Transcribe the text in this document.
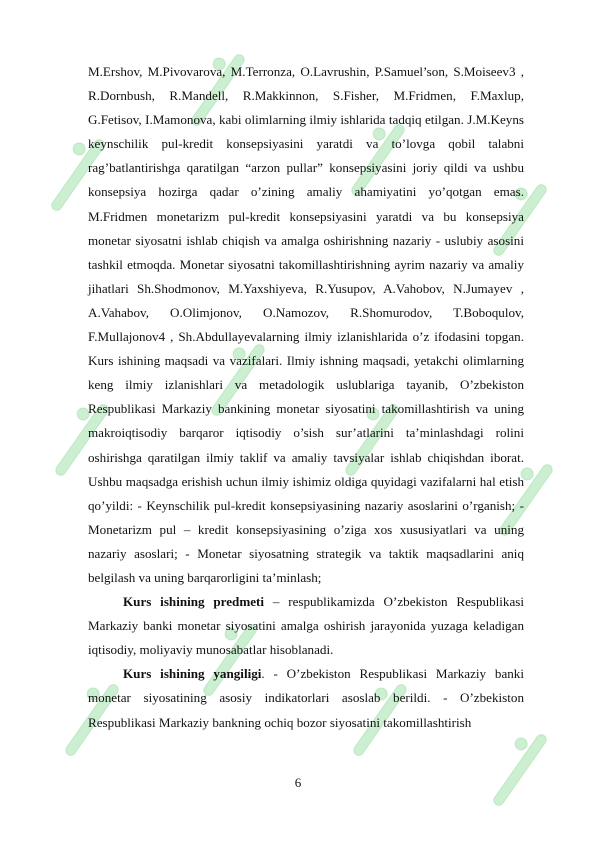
M.Ershov, M.Pivovarova, M.Terronza, O.Lavrushin, P.Samuel’son, S.Moiseev3 , R.Dornbush, R.Mandell, R.Makkinnon, S.Fisher, M.Fridmen, F.Maxlup, G.Fetisov, I.Mamonova, kabi olimlarning ilmiy ishlarida tadqiq etilgan. J.M.Keyns keynschilik pul-kredit konsepsiyasini yaratdi va to’lovga qobil talabni rag’batlantirishga qaratilgan “arzon pullar” konsepsiyasini joriy qildi va ushbu konsepsiya hozirga qadar o’zining amaliy ahamiyatini yo’qotgan emas. M.Fridmen monetarizm pul-kredit konsepsiyasini yaratdi va bu konsepsiya monetar siyosatni ishlab chiqish va amalga oshirishning nazariy - uslubiy asosini tashkil etmoqda. Monetar siyosatni takomillashtirishning ayrim nazariy va amaliy jihatlari Sh.Shodmonov, M.Yaxshiyeva, R.Yusupov, A.Vahobov, N.Jumayev , A.Vahabov, O.Olimjonov, O.Namozov, R.Shomurodov, T.Boboqulov, F.Mullajonov4 , Sh.Abdullayevalarning ilmiy izlanishlarida o’z ifodasini topgan. Kurs ishining maqsadi va vazifalari. Ilmiy ishning maqsadi, yetakchi olimlarning keng ilmiy izlanishlari va metadologik uslublariga tayanib, O’zbekiston Respublikasi Markaziy bankining monetar siyosatini takomillashtirish va uning makroiqtisodiy barqaror iqtisodiy o’sish sur’atlarini ta’minlashdagi rolini oshirishga qaratilgan ilmiy taklif va amaliy tavsiyalar ishlab chiqishdan iborat. Ushbu maqsadga erishish uchun ilmiy ishimiz oldiga quyidagi vazifalarni hal etish qo’yildi: - Keynschilik pul-kredit konsepsiyasining nazariy asoslarini o’rganish; - Monetarizm pul – kredit konsepsiyasining o’ziga xos xususiyatlari va uning nazariy asoslari; - Monetar siyosatning strategik va taktik maqsadlarini aniq belgilash va uning barqarorligini ta’minlash;

Kurs ishining predmeti – respublikamizda O’zbekiston Respublikasi Markaziy banki monetar siyosatini amalga oshirish jarayonida yuzaga keladigan iqtisodiy, moliyaviy munosabatlar hisoblanadi.

Kurs ishining yangiligi. - O’zbekiston Respublikasi Markaziy banki monetar siyosatining asosiy indikatorlari asoslab berildi. - O’zbekiston Respublikasi Markaziy bankning ochiq bozor siyosatini takomillashtirish

6
